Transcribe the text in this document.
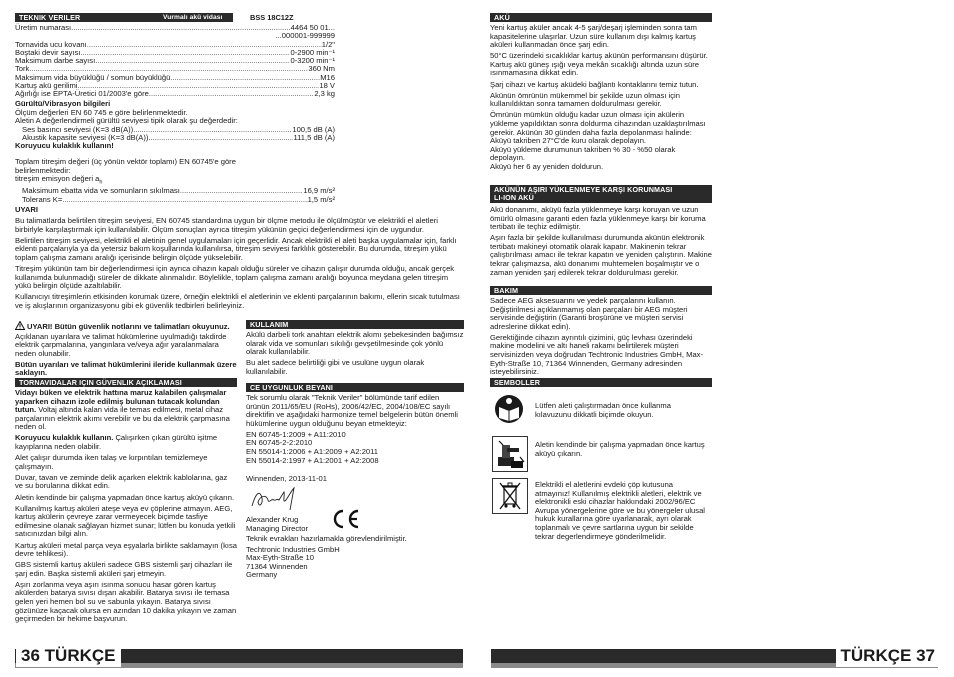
TEKNIK VERILER	Vurmalı akü vidası	BSS 18C12Z
Üretim numarası .....	4464 50 01...
...000001-999999
Tornavida ucu kovanı .....	1/2"
Boştaki devir sayısı .....	0-2900 min⁻¹
Maksimum darbe sayısı .....	0-3200 min⁻¹
Tork .....	360 Nm
Maksimum vida büyüklüğü / somun büyüklüğü .....	M16
Kartuş akü gerilimi .....	18 V
Ağırlığı ise EPTA-Üretici 01/2003'e göre .....	2,3 kg
Gürültü/Vibrasyon bilgileri
Ölçüm değerleri EN 60 745 e göre belirlenmektedir.
Aletin A değerlendirmeli gürültü seviyesi tipik olarak şu değerdedir:
Ses basıncı seviyesi (K=3 dB(A)) .....	100,5 dB (A)
Akustik kapasite seviyesi (K=3 dB(A)) .....	111,5 dB (A)
Koruyucu kulaklık kullanın!
Toplam titreşim değeri (üç yönün vektör toplamı) EN 60745'e göre belirlenmektedir:
titreşim emisyon değeri $a_h$
Maksimum ebatta vida ve somunların sıkılması .....	16,9 m/s²
Tolerans K= .....	1,5 m/s²

UYARI

Bu talimatlarda belirtilen titreşim seviyesi, EN 60745 standardına uygun bir ölçme metodu ile ölçülmüştür ve elektrikli el aletleri birbirlyle karşılaştırmak için kullanılabilir. Ölçüm sonuçları ayrıca titreşim yükünün geçici değerlendirmesi için de uygundur.

Belirtilen titreşim seviyesi, elektrikli el aletinin genel uygulamaları için geçerlidir. Ancak elektrikli el aleti başka uygulamalar için, farklı eklenti parçalarıyla ya da yetersiz bakım koşullarında kullanılırsa, titreşim seviyesi farklılık gösterebilir. Bu durumda, titreşim yükü toplam çalışma zamanı aralığı içerisinde belirgin ölçüde yükselebilir.

Titreşim yükünün tam bir değerlendirmesi için ayrıca cihazın kapalı olduğu süreler ve cihazın çalışır durumda olduğu, ancak gerçek kullanımda bulunmadığı süreler de dikkate alınmalıdır. Böylelikle, toplam çalışma zamanı aralığı boyunca meydana gelen titreşim yükü belirgin ölçüde azaltılabilir.

Kullanıcıyı titreşimlerin etkisinden korumak üzere, örneğin elektrikli el aletlerinin ve eklenti parçalarının bakımı, ellerin sıcak tutulması ve iş akışlarının organizasyonu gibi ek güvenlik tedbirleri belirleyiniz.

UYARI! Bütün güvenlik notlarını ve talimatları okuyunuz. Açıklanan uyarılara ve talimat hükümlerine uyulmadığı takdirde elektrik çarpmalarına, yangınlara ve/veya ağır yaralanmalara neden olunabilir.

Bütün uyarıları ve talimat hükümlerini ileride kullanmak üzere saklayın.

TORNAVIDALAR IÇIN GÜVENLIK AÇIKLAMASI

Vidayı büken ve elektrik hattına maruz kalabilen çalışmalar yaparken cihazın izole edilmiş bulunan tutacak kolundan tutun. Voltaj altında kalan vida ile temas edilmesi, metal cihaz parçalarının elektrik akımı verebilir ve bu da elektrik çarpmasına neden ol.

Koruyucu kulaklık kullanın. Çalışırken çıkan gürültü işitme kayıplarına neden olabilir.

Alet çalışır durumda iken talaş ve kırpıntıları temizlemeye çalışmayın.

Duvar, tavan ve zeminde delik açarken elektrik kablolarına, gaz ve su borularına dikkat edin.

Aletin kendinde bir çalışma yapmadan önce kartuş aküyü çıkarın.

Kullanılmış kartuş aküleri ateşe veya ev çöplerine atmayın. AEG, kartuş akülerin çevreye zarar vermeyecek biçimde tasfiye edilmesine olanak sağlayan hizmet sunar; lütfen bu konuda yetkili satıcınızdan bilgi alın.

Kartuş aküleri metal parça veya eşyalarla birlikte saklamayın (kısa devre tehlikesi).

GBS sistemli kartuş aküleri sadece GBS sistemli şarj cihazları ile şarj edin. Başka sistemli aküleri şarj etmeyin.

Aşırı zorlanma veya aşırı ısınma sonucu hasar gören kartuş akülerden batarya sıvısı dışarı akabilir. Batarya sıvısı ile temasa gelen yeri hemen bol su ve sabunla yıkayın. Batarya sıvısı gözünüze kaçacak olursa en azından 10 dakika yıkayın ve zaman geçirmeden bir hekime başvurun.

KULLANIM

Akülü darbeli tork anahtarı elektrik akımı şebekesinden bağımsız olarak vida ve somunları sıkılığı gevşetilmesinde çok yönlü olarak kullanılabilir.

Bu alet sadece belirtiliği gibi ve usulüne uygun olarak kullanılabilir.

CE UYGUNLUK BEYANI

Tek sorumlu olarak "Teknik Veriler" bölümünde tarif edilen ürünün 2011/65/EU (RoHs), 2006/42/EC, 2004/108/EC sayılı direktifin ve aşağıdaki harmonize temel belgelerin bütün önemli hükümlerine uygun olduğunu beyan etmekteyiz:

EN 60745-1:2009 + A11:2010
EN 60745-2-2:2010
EN 55014-1:2006 + A1:2009 + A2:2011
EN 55014-2:1997 + A1:2001 + A2:2008
Winnenden, 2013-11-01
Alexander Krug
Managing Director
Teknik evrakları hazırlamakla görevlendirilmiştir.
Techtronic Industries GmbH
Max-Eyth-Straße 10
71364 Winnenden
Germany
36 TÜRKÇE
AKÜ

Yeni kartuş aküler ancak 4-5 şarj/deşarj işleminden sonra tam kapasitelerine ulaşırlar. Uzun süre kullanım dışı kalmış kartuş aküleri kullanmadan önce şarj edin.

50°C üzerindeki sıcaklıklar kartuş akünün performansını düşürür. Kartuş akü güneş ışığı veya mekân sıcaklığı altında uzun süre ısınmamasına dikkat edin.

Şarj cihazı ve kartuş aküdeki bağlantı kontaklarını temiz tutun.

Akünün ömrünün mükemmel bir şekilde uzun olması için kullanıldıktan sonra tamamen doldurulması gerekir.

Ömrünün mümkün olduğu kadar uzun olması için akülerin yükleme yapıldıktan sonra doldurma cihazından uzaklaştırılması gerekir. Akünün 30 günden daha fazla depolanması halinde:

Aküyü takriben 27°C'de kuru olarak depolayın.
Aküyü yükleme durumunun takriben % 30 - %50 olarak depolayın.
Aküyü her 6 ay yeniden doldurun.
AKÜNÜN AŞIRI YÜKLENMEYE KARŞI KORUNMASI
LI-ION AKÜ

Akü donanımı, aküyü fazla yüklenmeye karşı koruyan ve uzun ömürlü olmasını garanti eden fazla yüklenmeye karşı bir koruma tertibatı ile teçhiz edilmiştir.

Aşırı fazla bir şekilde kullanılması durumunda akünün elektronik tertibatı makineyi otomatik olarak kapatır. Makinenin tekrar çalıştırılması amacı ile tekrar kapatın ve yeniden çalıştırın. Makine tekrar çalışmazsa, akü donanımı muhtemelen boşalmıştır ve o zaman yeniden şarj edilerek tekrar doldurulması gerekir.

BAKIM

Sadece AEG aksesuarını ve yedek parçalarını kullanın. Değiştirilmesi açıklanmamış olan parçaları bir AEG müşteri servisinde değiştirin (Garanti broşürüne ve müşteri servisi adreslerine dikkat edin).

Gerektiğinde cihazın ayrıntılı çizimini, güç levhası üzerindeki makine modelini ve altı haneli rakamı belirtilerek müşteri servisinizden veya doğrudan Techtronic Industries GmbH, Max-Eyth-Straße 10, 71364 Winnenden, Germany adresinden isteyebilirsiniz.

SEMBOLLER
Lütfen aleti çalıştırmadan önce kullanma kılavuzunu dikkatli biçimde okuyun.
Aletin kendinde bir çalışma yapmadan önce kartuş aküyü çıkarın.
Elektrikli el aletlerini evdeki çöp kutusuna atmayınız! Kullanılmış elektrikli aletleri, elektrik ve elektronikli eski cihazlar hakkındaki 2002/96/EC Avrupa yönergelerine göre ve bu yönergeler ulusal hukuk kurallarına göre uyarlanarak, ayrı olarak toplanmalı ve çevre sartlarına uygun bir sekilde tekrar degerlendirmeye gönderilmelidir.
TÜRKÇE 37
